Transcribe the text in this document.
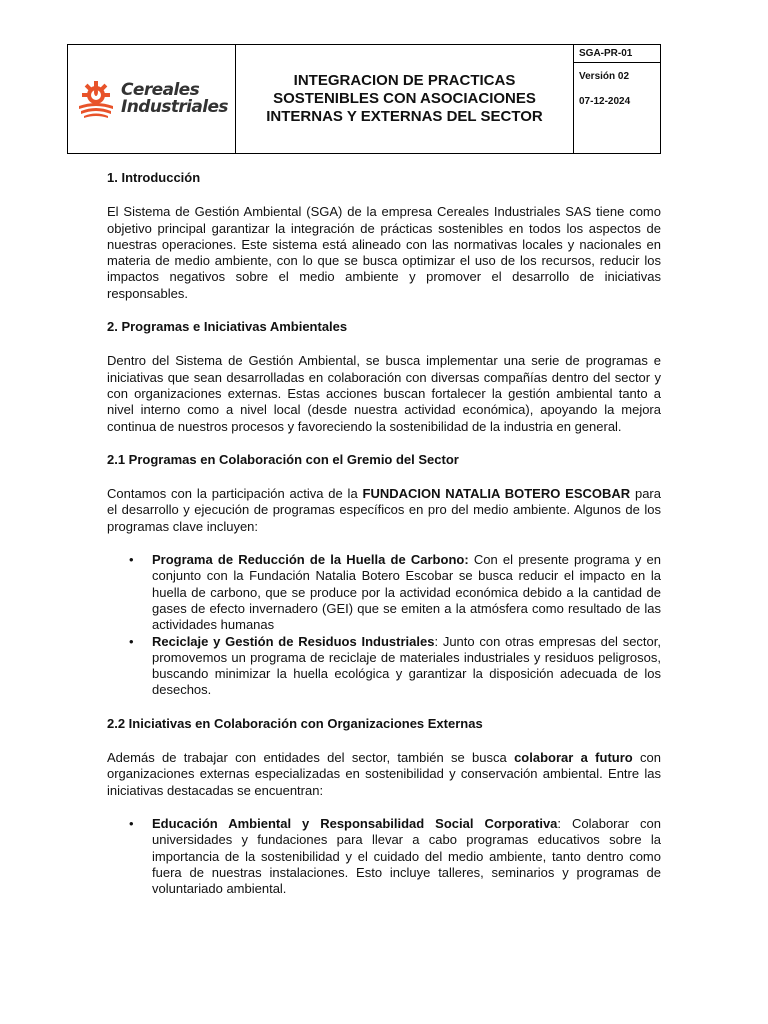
Cereales
Industriales
INTEGRACION DE PRACTICAS SOSTENIBLES CON ASOCIACIONES INTERNAS Y EXTERNAS DEL SECTOR
SGA-PR-01
Versión 02
07-12-2024
1. Introducción

El Sistema de Gestión Ambiental (SGA) de la empresa Cereales Industriales SAS tiene como objetivo principal garantizar la integración de prácticas sostenibles en todos los aspectos de nuestras operaciones. Este sistema está alineado con las normativas locales y nacionales en materia de medio ambiente, con lo que se busca optimizar el uso de los recursos, reducir los impactos negativos sobre el medio ambiente y promover el desarrollo de iniciativas responsables.

2. Programas e Iniciativas Ambientales

Dentro del Sistema de Gestión Ambiental, se busca implementar una serie de programas e iniciativas que sean desarrolladas en colaboración con diversas compañías dentro del sector y con organizaciones externas. Estas acciones buscan fortalecer la gestión ambiental tanto a nivel interno como a nivel local (desde nuestra actividad económica), apoyando la mejora continua de nuestros procesos y favoreciendo la sostenibilidad de la industria en general.

2.1 Programas en Colaboración con el Gremio del Sector

Contamos con la participación activa de la FUNDACION NATALIA BOTERO ESCOBAR para el desarrollo y ejecución de programas específicos en pro del medio ambiente. Algunos de los programas clave incluyen:

• Programa de Reducción de la Huella de Carbono: Con el presente programa y en conjunto con la Fundación Natalia Botero Escobar se busca reducir el impacto en la huella de carbono, que se produce por la actividad económica debido a la cantidad de gases de efecto invernadero (GEI) que se emiten a la atmósfera como resultado de las actividades humanas
• Reciclaje y Gestión de Residuos Industriales: Junto con otras empresas del sector, promovemos un programa de reciclaje de materiales industriales y residuos peligrosos, buscando minimizar la huella ecológica y garantizar la disposición adecuada de los desechos.
2.2 Iniciativas en Colaboración con Organizaciones Externas

Además de trabajar con entidades del sector, también se busca colaborar a futuro con organizaciones externas especializadas en sostenibilidad y conservación ambiental. Entre las iniciativas destacadas se encuentran:

• Educación Ambiental y Responsabilidad Social Corporativa: Colaborar con universidades y fundaciones para llevar a cabo programas educativos sobre la importancia de la sostenibilidad y el cuidado del medio ambiente, tanto dentro como fuera de nuestras instalaciones. Esto incluye talleres, seminarios y programas de voluntariado ambiental.
